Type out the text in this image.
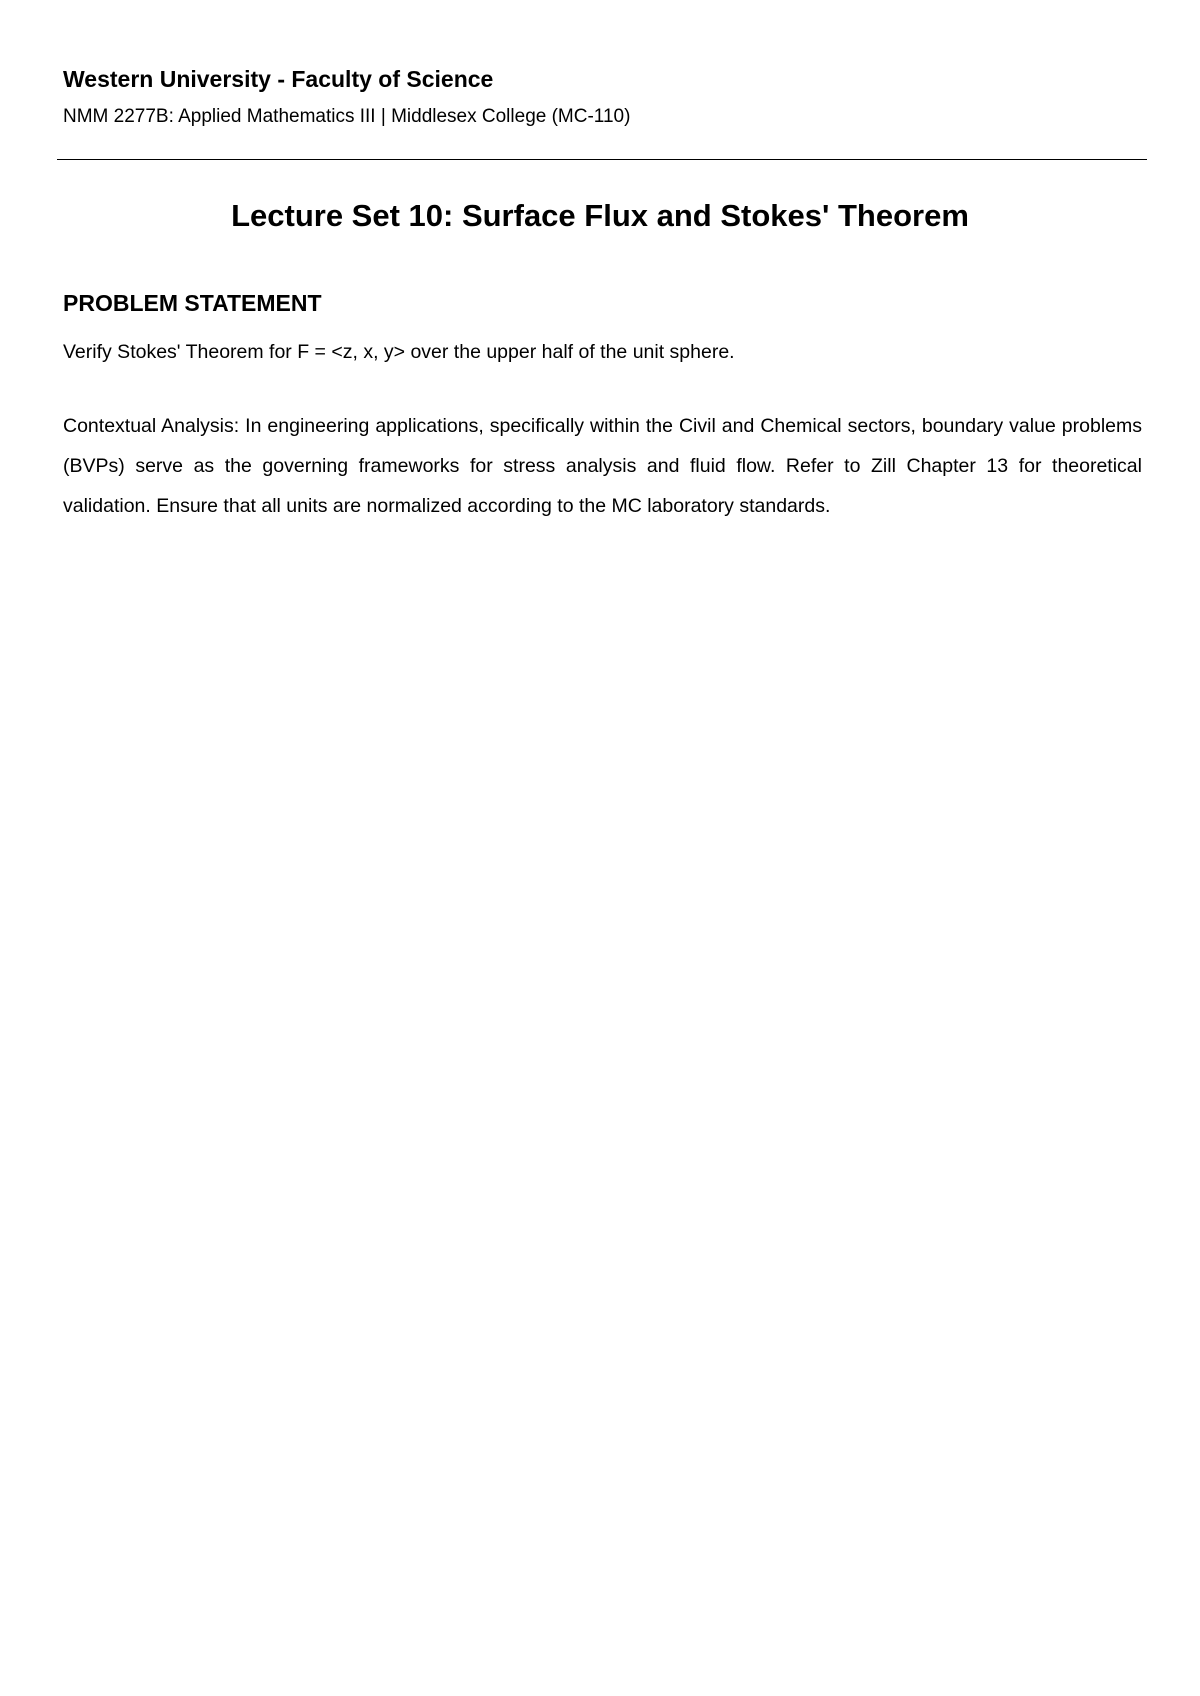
Western University - Faculty of Science
NMM 2277B: Applied Mathematics III | Middlesex College (MC-110)
Lecture Set 10: Surface Flux and Stokes' Theorem
PROBLEM STATEMENT
Verify Stokes' Theorem for F = <z, x, y> over the upper half of the unit sphere.
Contextual Analysis: In engineering applications, specifically within the Civil and Chemical sectors, boundary value problems (BVPs) serve as the governing frameworks for stress analysis and fluid flow. Refer to Zill Chapter 13 for theoretical validation. Ensure that all units are normalized according to the MC laboratory standards.
